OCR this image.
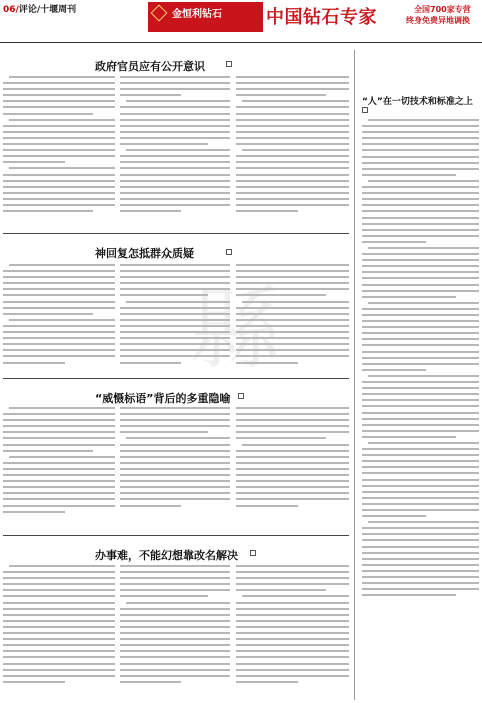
06/评论/十堰周刊	金恒利钻石 中国钻石专家	全国700家专营
终身免费异地调换
縣
政府官员应有公开意识
神回复怎抵群众质疑
“威慑标语”背后的多重隐喻
办事难，不能幻想靠改名解决
“人”在一切技术和标准之上
